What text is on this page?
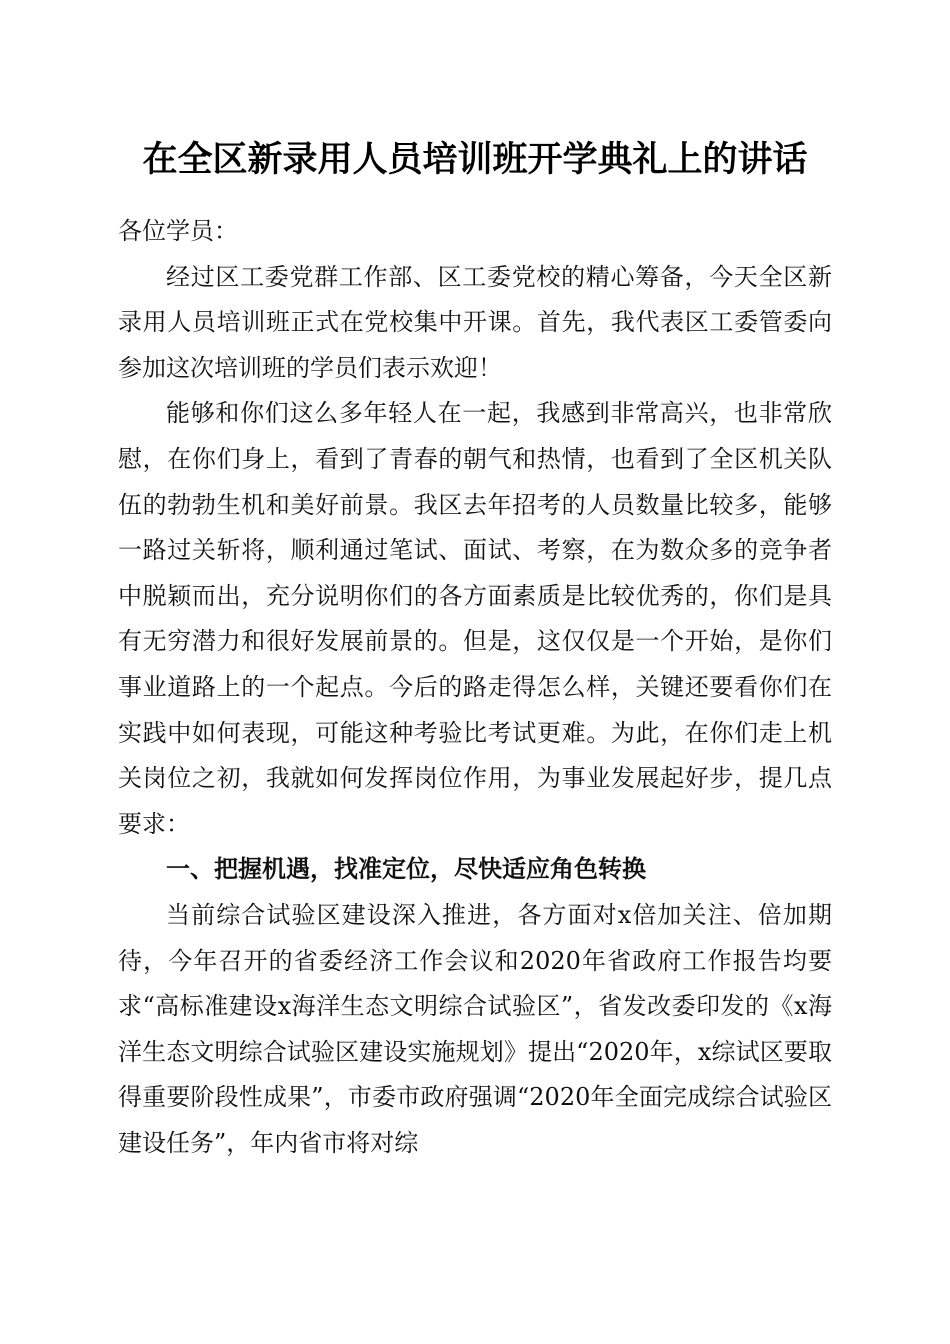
在全区新录用人员培训班开学典礼上的讲话

各位学员：

经过区工委党群工作部、区工委党校的精心筹备，今天全区新录用人员培训班正式在党校集中开课。首先，我代表区工委管委向参加这次培训班的学员们表示欢迎！

能够和你们这么多年轻人在一起，我感到非常高兴，也非常欣慰，在你们身上，看到了青春的朝气和热情，也看到了全区机关队伍的勃勃生机和美好前景。我区去年招考的人员数量比较多，能够一路过关斩将，顺利通过笔试、面试、考察，在为数众多的竞争者中脱颖而出，充分说明你们的各方面素质是比较优秀的，你们是具有无穷潜力和很好发展前景的。但是，这仅仅是一个开始，是你们事业道路上的一个起点。今后的路走得怎么样，关键还要看你们在实践中如何表现，可能这种考验比考试更难。为此，在你们走上机关岗位之初，我就如何发挥岗位作用，为事业发展起好步，提几点要求：

一、把握机遇，找准定位，尽快适应角色转换

当前综合试验区建设深入推进，各方面对x倍加关注、倍加期待，今年召开的省委经济工作会议和2020年省政府工作报告均要求“高标准建设x海洋生态文明综合试验区”，省发改委印发的《x海洋生态文明综合试验区建设实施规划》提出“2020年，x综试区要取得重要阶段性成果”，市委市政府强调“2020年全面完成综合试验区建设任务”，年内省市将对综
